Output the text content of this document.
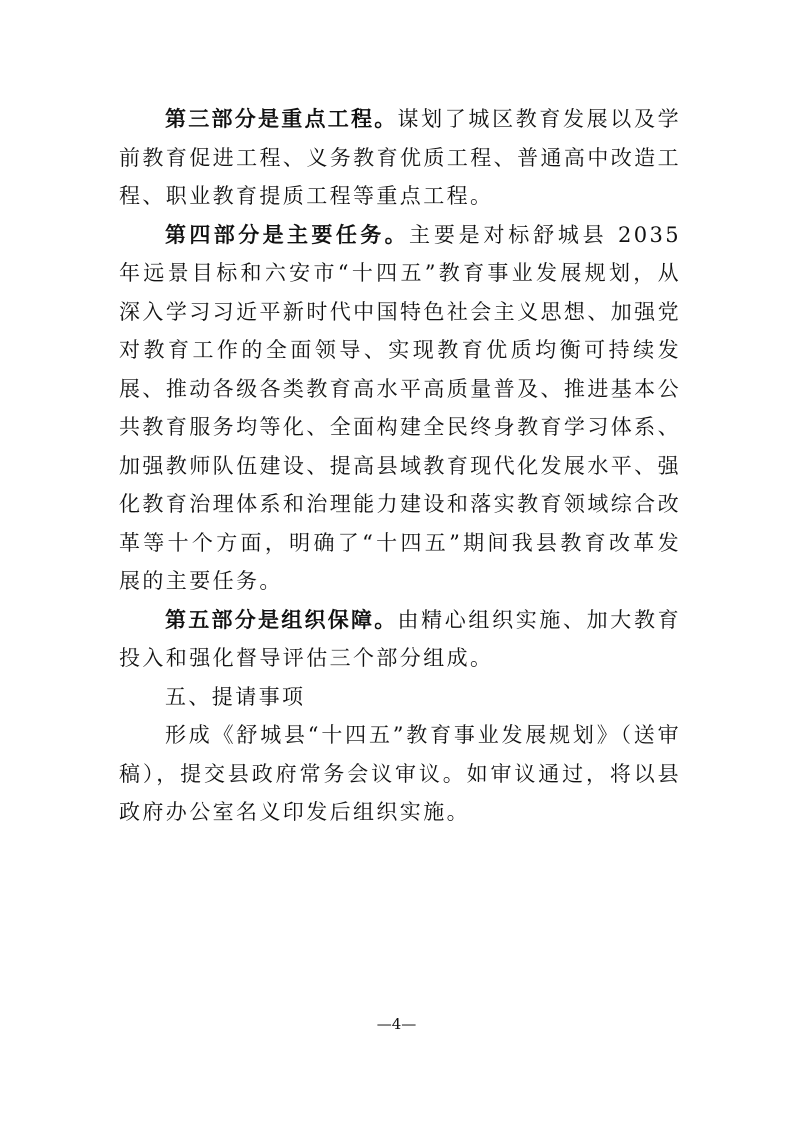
第三部分是重点工程。谋划了城区教育发展以及学前教育促进工程、义务教育优质工程、普通高中改造工程、职业教育提质工程等重点工程。

第四部分是主要任务。主要是对标舒城县 2035 年远景目标和六安市“十四五”教育事业发展规划，从深入学习习近平新时代中国特色社会主义思想、加强党对教育工作的全面领导、实现教育优质均衡可持续发展、推动各级各类教育高水平高质量普及、推进基本公共教育服务均等化、全面构建全民终身教育学习体系、加强教师队伍建设、提高县域教育现代化发展水平、强化教育治理体系和治理能力建设和落实教育领域综合改革等十个方面，明确了“十四五”期间我县教育改革发展的主要任务。

第五部分是组织保障。由精心组织实施、加大教育投入和强化督导评估三个部分组成。

五、提请事项

形成《舒城县“十四五”教育事业发展规划》（送审稿），提交县政府常务会议审议。如审议通过，将以县政府办公室名义印发后组织实施。

—4—
